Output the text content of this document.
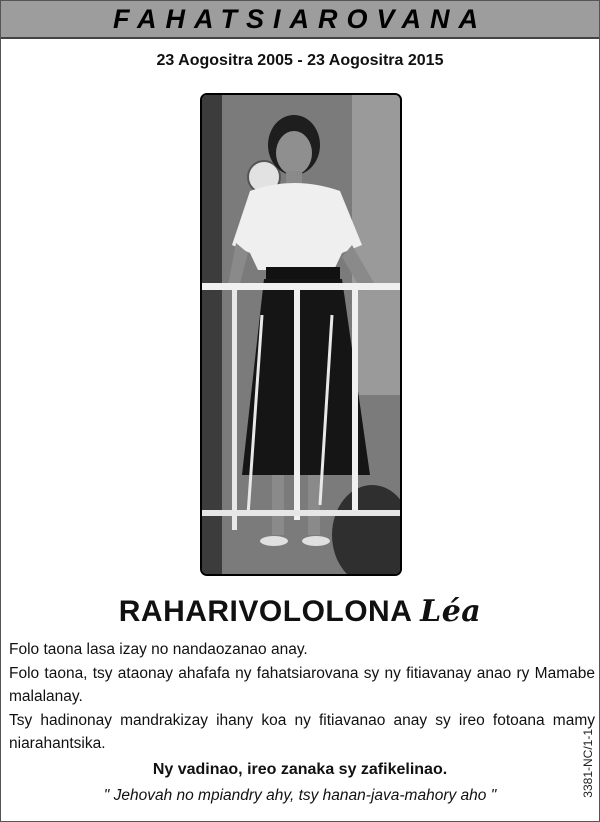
FAHATSIAROVANA
23 Aogositra 2005 - 23 Aogositra 2015
RAHARIVOLOLONA Léa

Folo taona lasa izay no nandaozanao anay.

Folo taona, tsy ataonay ahafafa ny fahatsiarovana sy ny fitiavanay anao ry Mamabe malalanay.

Tsy hadinonay mandrakizay ihany koa ny fitiavanao anay sy ireo fotoana mamy niarahantsika.

Ny vadinao, ireo zanaka sy zafikelinao.
" Jehovah no mpiandry ahy, tsy hanan-java-mahory aho "	3381-NC/1-1
